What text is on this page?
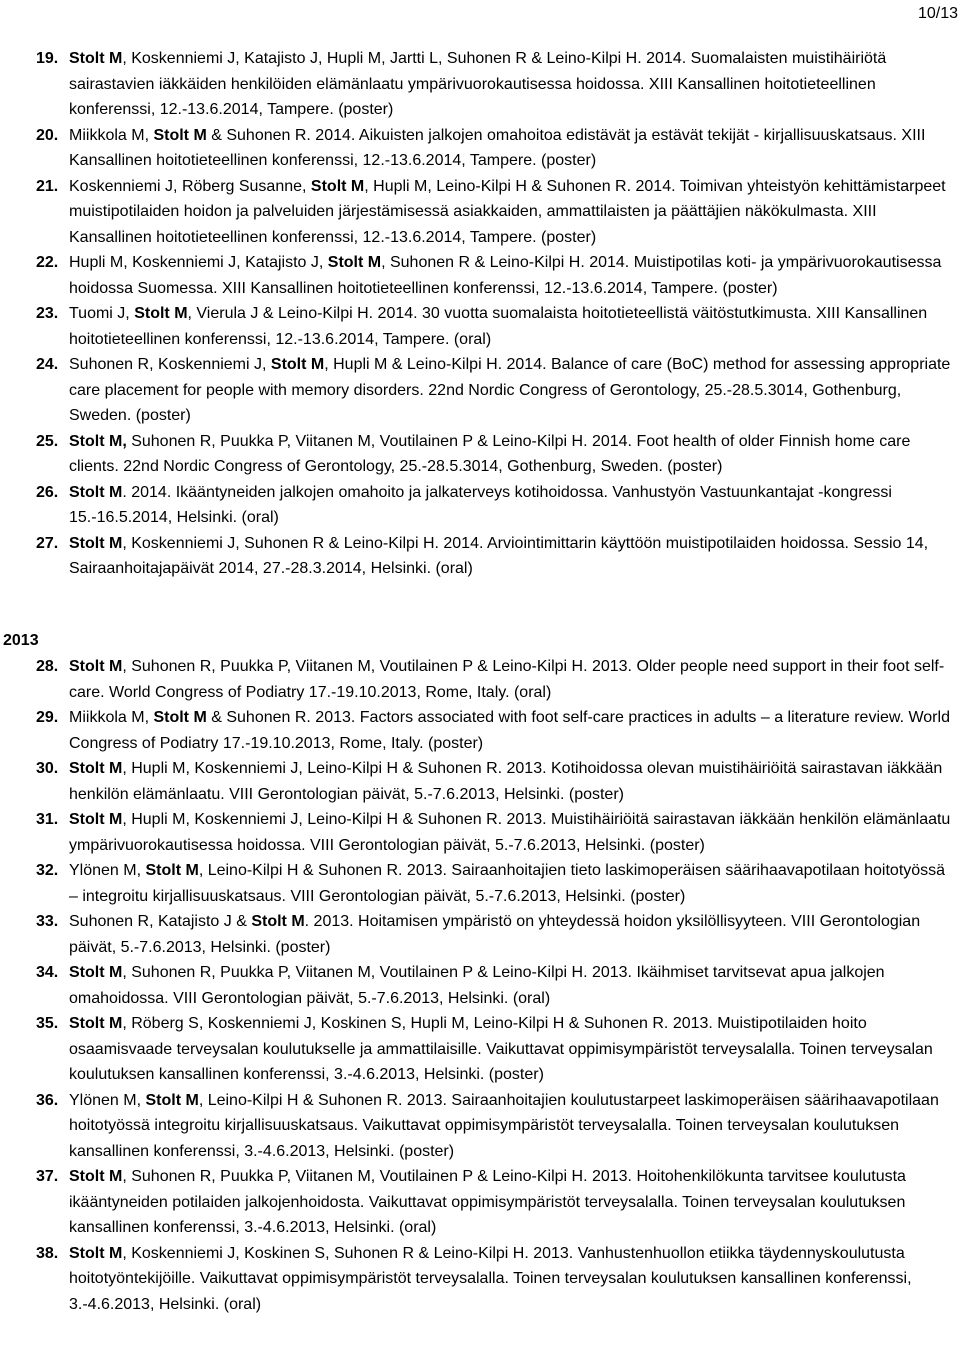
10/13
19. Stolt M, Koskenniemi J, Katajisto J, Hupli M, Jartti L, Suhonen R & Leino-Kilpi H. 2014. Suomalaisten muistihäiriötä sairastavien iäkkäiden henkilöiden elämänlaatu ympärivuorokautisessa hoidossa. XIII Kansallinen hoitotieteellinen konferenssi, 12.-13.6.2014, Tampere. (poster)
20. Miikkola M, Stolt M & Suhonen R. 2014. Aikuisten jalkojen omahoitoa edistävät ja estävät tekijät - kirjallisuuskatsaus. XIII Kansallinen hoitotieteellinen konferenssi, 12.-13.6.2014, Tampere. (poster)
21. Koskenniemi J, Röberg Susanne, Stolt M, Hupli M, Leino-Kilpi H & Suhonen R. 2014. Toimivan yhteistyön kehittämistarpeet muistipotilaiden hoidon ja palveluiden järjestämisessä asiakkaiden, ammattilaisten ja päättäjien näkökulmasta. XIII Kansallinen hoitotieteellinen konferenssi, 12.-13.6.2014, Tampere. (poster)
22. Hupli M, Koskenniemi J, Katajisto J, Stolt M, Suhonen R & Leino-Kilpi H. 2014. Muistipotilas koti- ja ympärivuorokautisessa hoidossa Suomessa. XIII Kansallinen hoitotieteellinen konferenssi, 12.-13.6.2014, Tampere. (poster)
23. Tuomi J, Stolt M, Vierula J & Leino-Kilpi H. 2014. 30 vuotta suomalaista hoitotieteellistä väitöstutkimusta. XIII Kansallinen hoitotieteellinen konferenssi, 12.-13.6.2014, Tampere. (oral)
24. Suhonen R, Koskenniemi J, Stolt M, Hupli M & Leino-Kilpi H. 2014. Balance of care (BoC) method for assessing appropriate care placement for people with memory disorders. 22nd Nordic Congress of Gerontology, 25.-28.5.3014, Gothenburg, Sweden. (poster)
25. Stolt M, Suhonen R, Puukka P, Viitanen M, Voutilainen P & Leino-Kilpi H. 2014. Foot health of older Finnish home care clients. 22nd Nordic Congress of Gerontology, 25.-28.5.3014, Gothenburg, Sweden. (poster)
26. Stolt M. 2014. Ikääntyneiden jalkojen omahoito ja jalkaterveys kotihoidossa. Vanhustyön Vastuunkantajat -kongressi 15.-16.5.2014, Helsinki. (oral)
27. Stolt M, Koskenniemi J, Suhonen R & Leino-Kilpi H. 2014. Arviointimittarin käyttöön muistipotilaiden hoidossa. Sessio 14, Sairaanhoitajapäivät 2014, 27.-28.3.2014, Helsinki. (oral)
2013
28. Stolt M, Suhonen R, Puukka P, Viitanen M, Voutilainen P & Leino-Kilpi H. 2013. Older people need support in their foot self-care. World Congress of Podiatry 17.-19.10.2013, Rome, Italy. (oral)
29. Miikkola M, Stolt M & Suhonen R. 2013. Factors associated with foot self-care practices in adults – a literature review. World Congress of Podiatry 17.-19.10.2013, Rome, Italy. (poster)
30. Stolt M, Hupli M, Koskenniemi J, Leino-Kilpi H & Suhonen R. 2013. Kotihoidossa olevan muistihäiriöitä sairastavan iäkkään henkilön elämänlaatu. VIII Gerontologian päivät, 5.-7.6.2013, Helsinki. (poster)
31. Stolt M, Hupli M, Koskenniemi J, Leino-Kilpi H & Suhonen R. 2013. Muistihäiriöitä sairastavan iäkkään henkilön elämänlaatu ympärivuorokautisessa hoidossa. VIII Gerontologian päivät, 5.-7.6.2013, Helsinki. (poster)
32. Ylönen M, Stolt M, Leino-Kilpi H & Suhonen R. 2013. Sairaanhoitajien tieto laskimoperäisen säärihaavapotilaan hoitotyössä – integroitu kirjallisuuskatsaus. VIII Gerontologian päivät, 5.-7.6.2013, Helsinki. (poster)
33. Suhonen R, Katajisto J & Stolt M. 2013. Hoitamisen ympäristö on yhteydessä hoidon yksilöllisyyteen. VIII Gerontologian päivät, 5.-7.6.2013, Helsinki. (poster)
34. Stolt M, Suhonen R, Puukka P, Viitanen M, Voutilainen P & Leino-Kilpi H. 2013. Ikäihmiset tarvitsevat apua jalkojen omahoidossa. VIII Gerontologian päivät, 5.-7.6.2013, Helsinki. (oral)
35. Stolt M, Röberg S, Koskenniemi J, Koskinen S, Hupli M, Leino-Kilpi H & Suhonen R. 2013. Muistipotilaiden hoito osaamisvaade terveysalan koulutukselle ja ammattilaisille. Vaikuttavat oppimisympäristöt terveysalalla. Toinen terveysalan koulutuksen kansallinen konferenssi, 3.-4.6.2013, Helsinki. (poster)
36. Ylönen M, Stolt M, Leino-Kilpi H & Suhonen R. 2013. Sairaanhoitajien koulutustarpeet laskimoperäisen säärihaavapotilaan hoitotyössä integroitu kirjallisuuskatsaus. Vaikuttavat oppimisympäristöt terveysalalla. Toinen terveysalan koulutuksen kansallinen konferenssi, 3.-4.6.2013, Helsinki. (poster)
37. Stolt M, Suhonen R, Puukka P, Viitanen M, Voutilainen P & Leino-Kilpi H. 2013. Hoitohenkilökunta tarvitsee koulutusta ikääntyneiden potilaiden jalkojenhoidosta. Vaikuttavat oppimisympäristöt terveysalalla. Toinen terveysalan koulutuksen kansallinen konferenssi, 3.-4.6.2013, Helsinki. (oral)
38. Stolt M, Koskenniemi J, Koskinen S, Suhonen R & Leino-Kilpi H. 2013. Vanhustenhuollon etiikka täydennyskoulutusta hoitotyöntekijöille. Vaikuttavat oppimisympäristöt terveysalalla. Toinen terveysalan koulutuksen kansallinen konferenssi, 3.-4.6.2013, Helsinki. (oral)
